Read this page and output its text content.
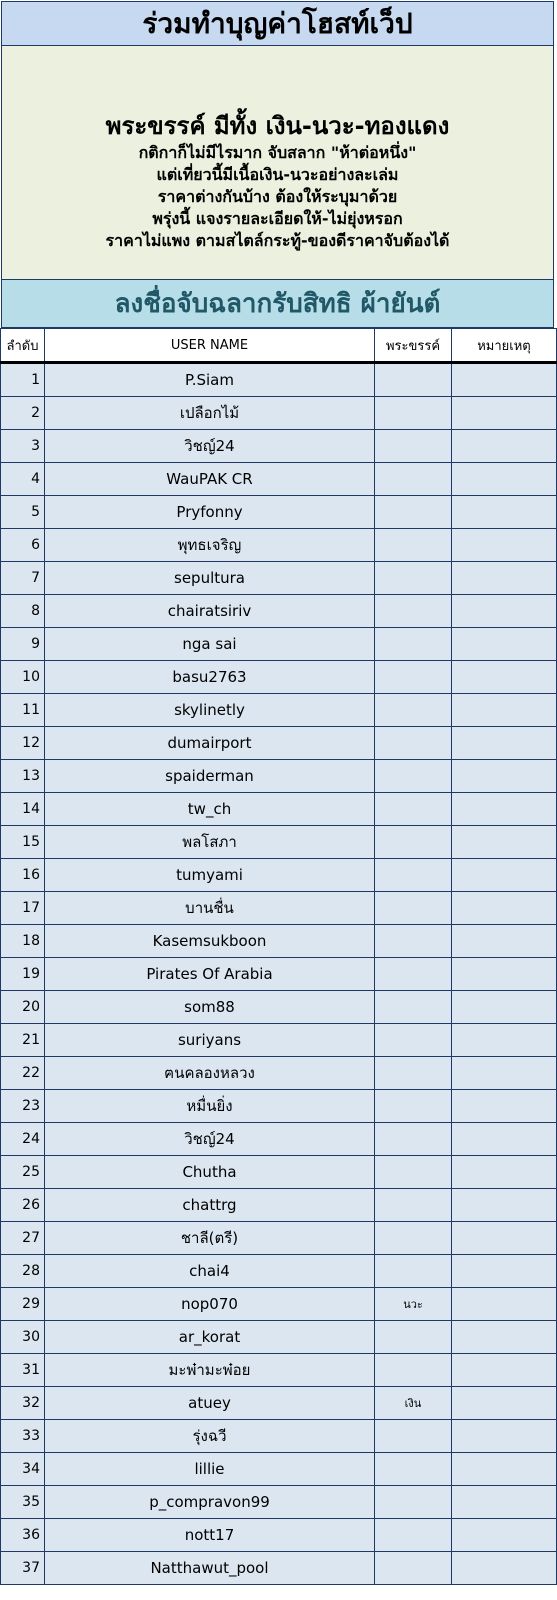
ร่วมทำบุญค่าโฮสท์เว็ป
พระขรรค์ มีทั้ง เงิน-นวะ-ทองแดง
กติกาก็ไม่มีไรมาก จับสลาก "ห้าต่อหนึ่ง"
แต่เที่ยวนี้มีเนื้อเงิน-นวะอย่างละเล่ม
ราคาต่างกันบ้าง ต้องให้ระบุมาด้วย
พรุ่งนี้ แจงรายละเอียดให้-ไม่ยุ่งหรอก
ราคาไม่แพง ตามสไตล์กระทู้-ของดีราคาจับต้องได้
ลงชื่อจับฉลากรับสิทธิ ผ้ายันต์
ลำดับ	USER NAME	พระขรรค์	หมายเหตุ
1	P.Siam		
2	เปลือกไม้		
3	วิชญ์24		
4	WauPAK CR		
5	Pryfonny		
6	พุทธเจริญ		
7	sepultura		
8	chairatsiriv		
9	nga sai		
10	basu2763		
11	skylinetly		
12	dumairport		
13	spaiderman		
14	tw_ch		
15	พลโสภา		
16	tumyami		
17	บานชื่น		
18	Kasemsukboon		
19	Pirates Of Arabia		
20	som88		
21	suriyans		
22	ฅนคลองหลวง		
23	หมื่นยิ่ง		
24	วิชญ์24		
25	Chutha		
26	chattrg		
27	ชาลี(ตรี)		
28	chai4		
29	nop070	นวะ	
30	ar_korat		
31	มะพ๋ามะพ๋อย		
32	atuey	เงิน	
33	รุ่งฉวี		
34	lillie		
35	p_compravon99		
36	nott17		
37	Natthawut_pool		
